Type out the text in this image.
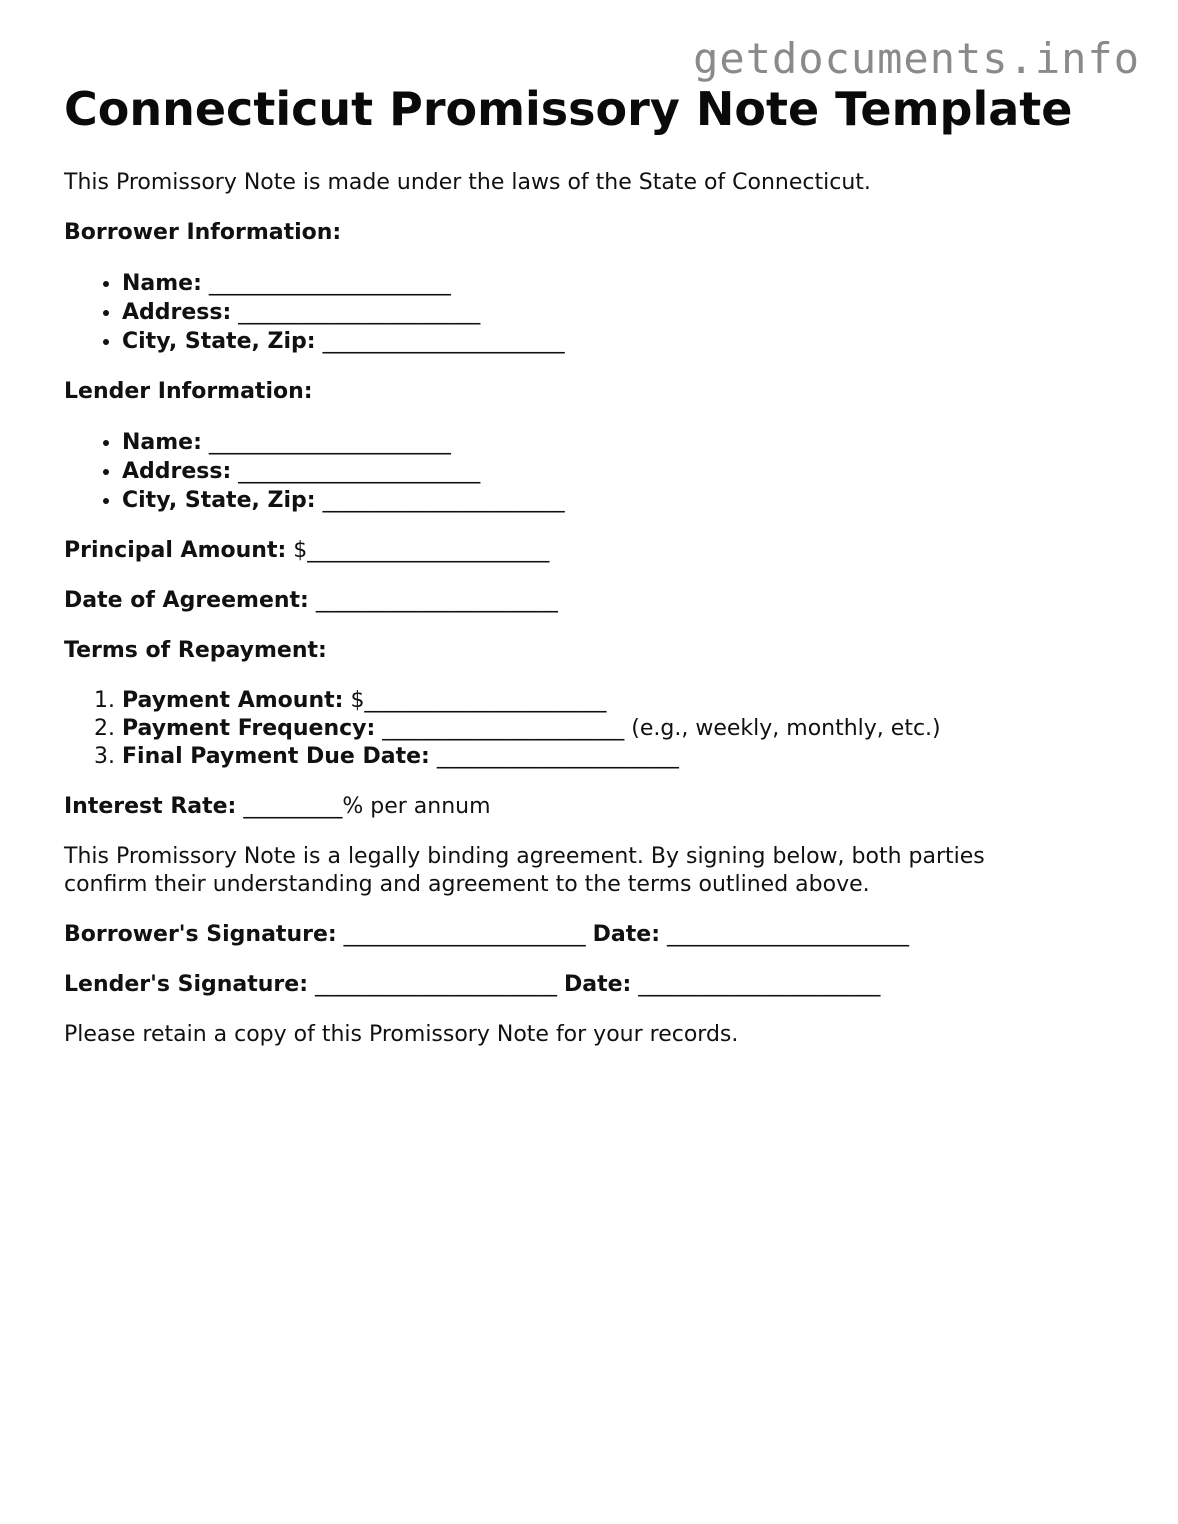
getdocuments.info
Connecticut Promissory Note Template

This Promissory Note is made under the laws of the State of Connecticut.

Borrower Information:

• Name: ______________________
• Address: ______________________
• City, State, Zip: ______________________

Lender Information:

• Name: ______________________
• Address: ______________________
• City, State, Zip: ______________________

Principal Amount: $______________________

Date of Agreement: ______________________

Terms of Repayment:

1. Payment Amount: $______________________
2. Payment Frequency: ______________________ (e.g., weekly, monthly, etc.)
3. Final Payment Due Date: ______________________

Interest Rate: _________% per annum

This Promissory Note is a legally binding agreement. By signing below, both parties confirm their understanding and agreement to the terms outlined above.

Borrower's Signature: ______________________ Date: ______________________

Lender's Signature: ______________________ Date: ______________________

Please retain a copy of this Promissory Note for your records.
